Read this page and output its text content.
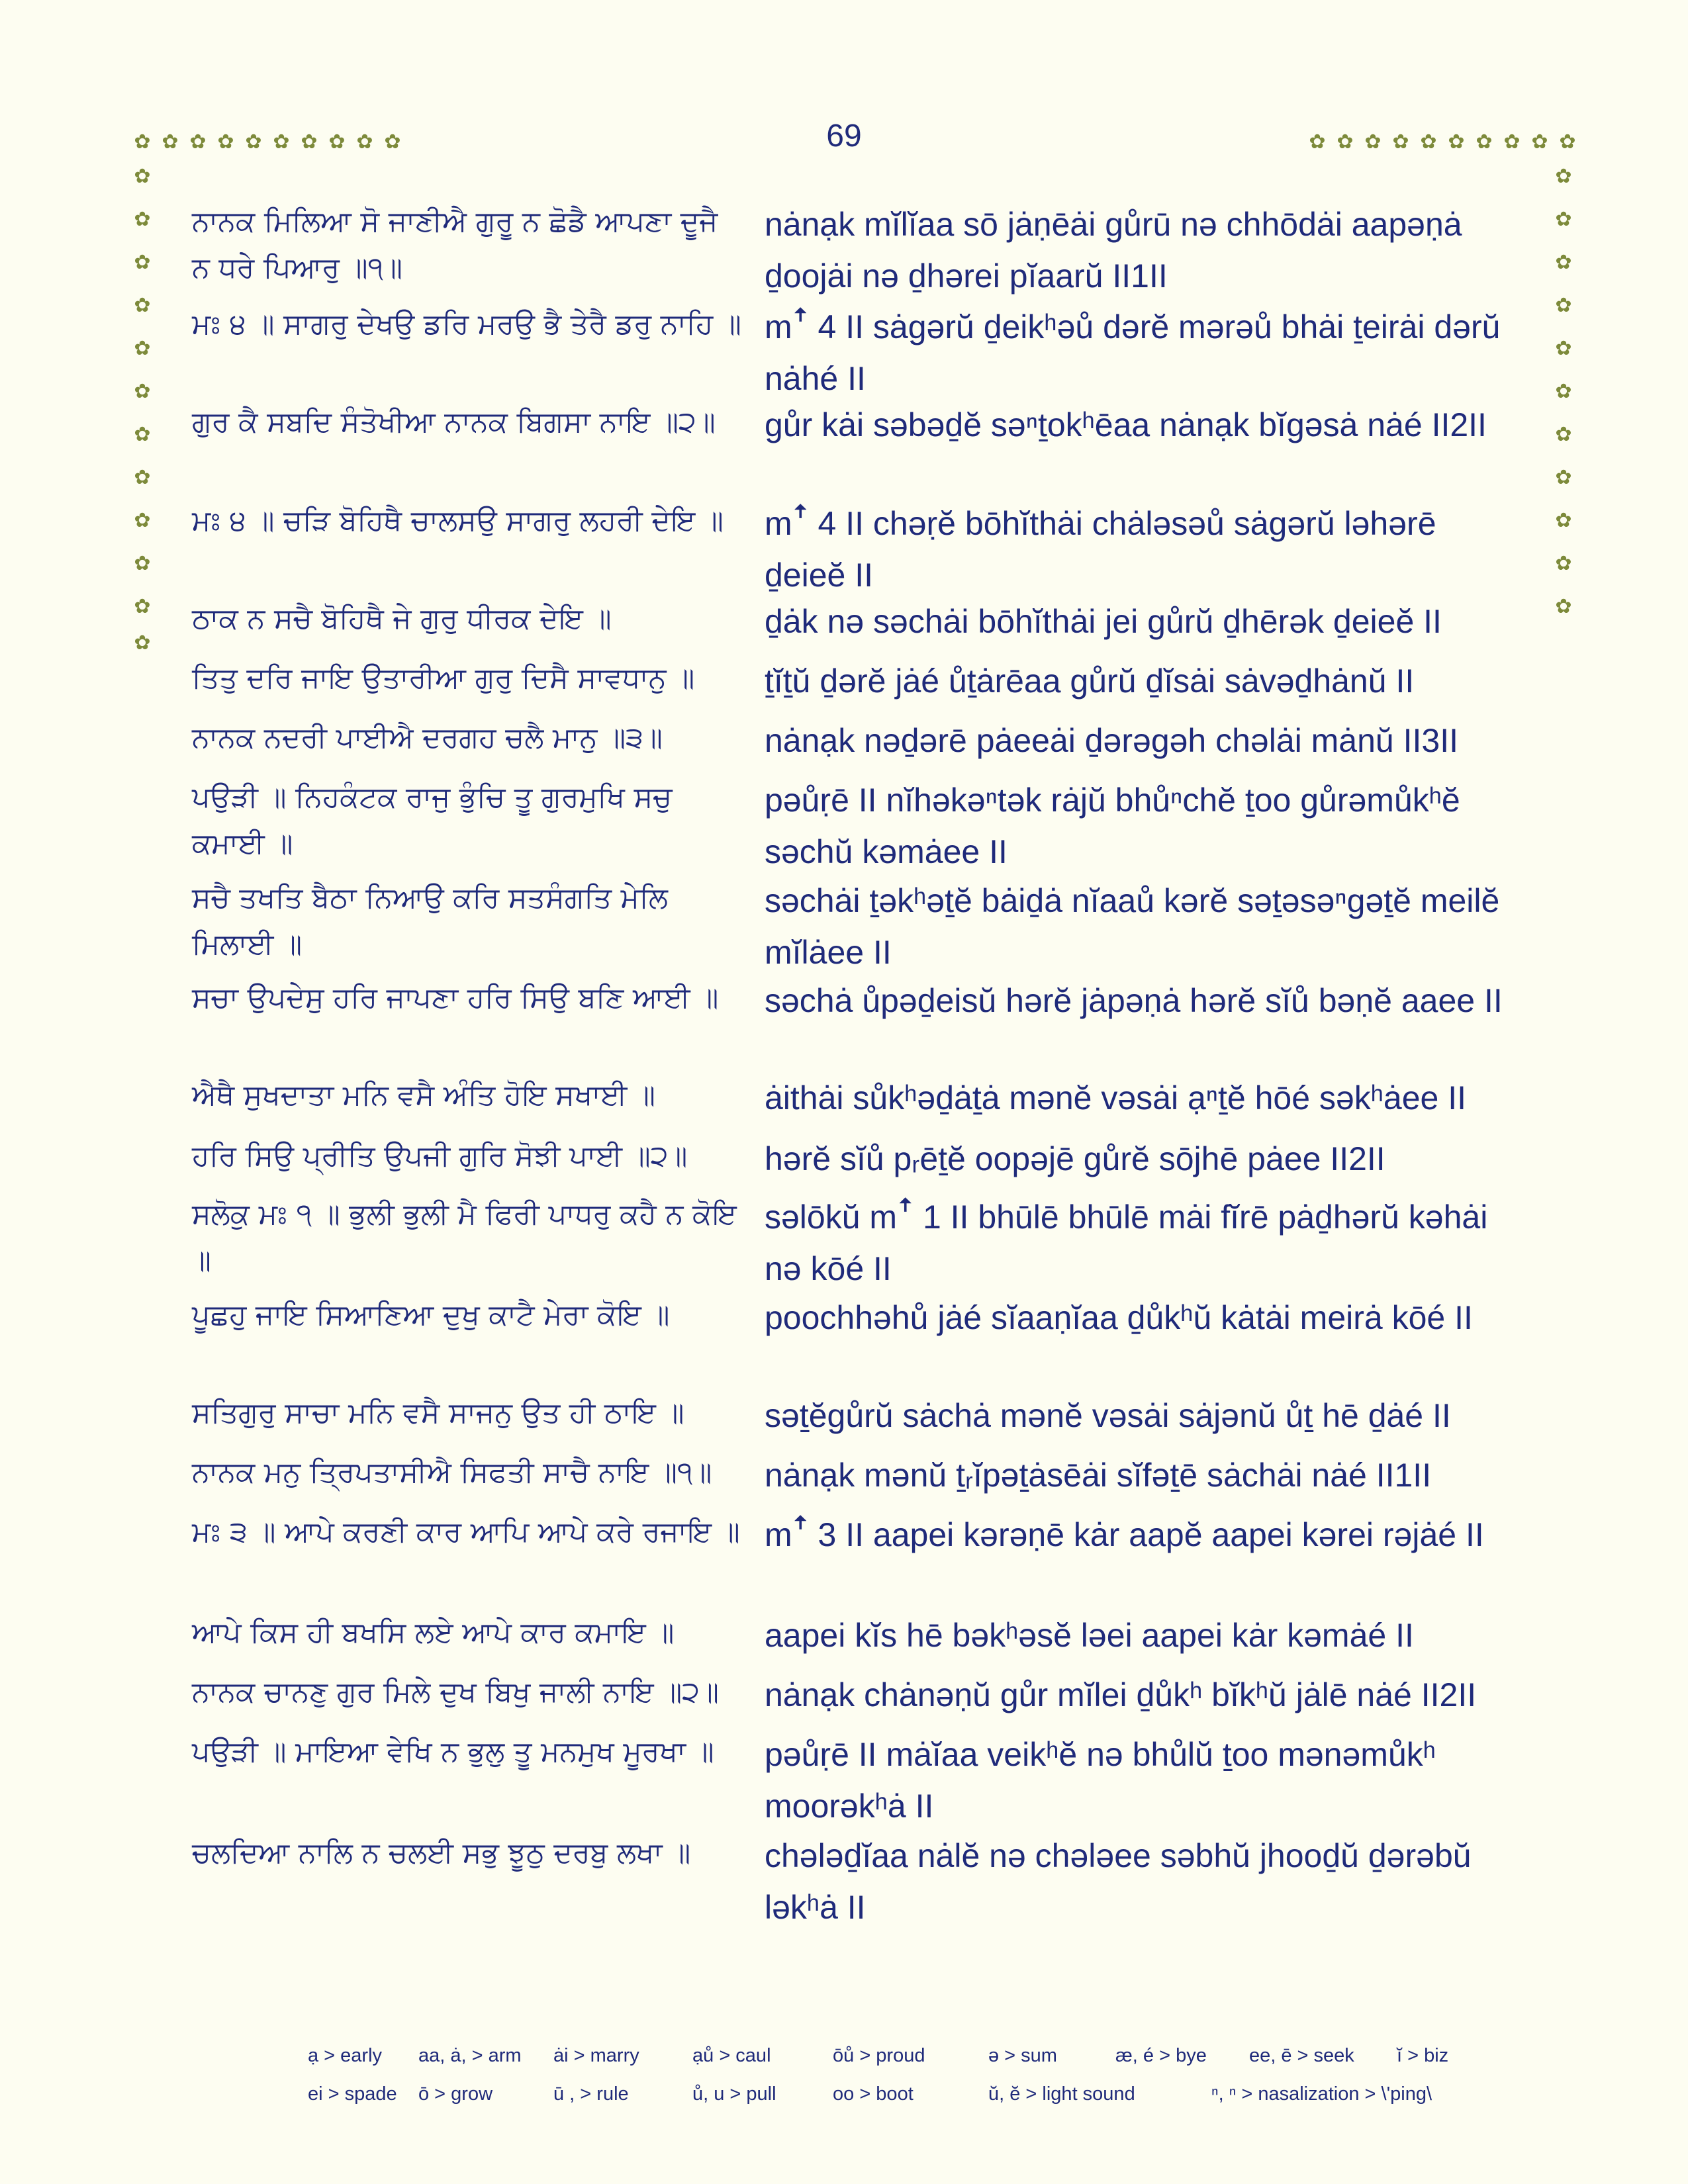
69
✿ ✿ ✿ ✿ ✿ ✿ ✿ ✿ ✿ ✿	✿ ✿ ✿ ✿ ✿ ✿ ✿ ✿ ✿ ✿
✿
✿
✿
✿
✿
✿
✿
✿
✿
✿
✿
✿
✿
✿
✿
✿
✿
✿
✿
✿
✿
✿
✿
ਨਾਨਕ ਮਿਲਿਆ ਸੋ ਜਾਣੀਐ ਗੁਰੂ ਨ ਛੋਡੈ ਆਪਣਾ ਦੂਜੈ ਨ ਧਰੇ ਪਿਆਰੁ ॥੧॥
nȧnạk mĭlĭaa sō jȧṇēȧi gůrū nə chhōdȧi aapəṇȧ ḏoojȧi nə ḏhərei pĭaarŭ II1II
ਮਃ ੪ ॥ ਸਾਗਰੁ ਦੇਖਉ ਡਰਿ ਮਰਉ ਭੈ ਤੇਰੈ ਡਰੁ ਨਾਹਿ ॥ mꜛ 4 II sȧgərŭ ḏeikʰəů dərĕ mərəů bhȧi ṯeirȧi dərŭ nȧhé II
ਗੁਰ ਕੈ ਸਬਦਿ ਸੰਤੋਖੀਆ ਨਾਨਕ ਬਿਗਸਾ ਨਾਇ ॥੨॥	gůr kȧi səbəḏĕ səⁿṯokʰēaa nȧnạk bĭgəsȧ nȧé II2II
ਮਃ ੪ ॥ ਚੜਿ ਬੋਹਿਥੈ ਚਾਲਸਉ ਸਾਗਰੁ ਲਹਰੀ ਦੇਇ ॥	mꜛ 4 II chəṛĕ bōhĭthȧi chȧləsəů sȧgərŭ ləhərē ḏeieĕ II
ਠਾਕ ਨ ਸਚੈ ਬੋਹਿਥੈ ਜੇ ਗੁਰੁ ਧੀਰਕ ਦੇਇ ॥	ḏȧk nə səchȧi bōhĭthȧi jei gůrŭ ḏhērək ḏeieĕ II
ਤਿਤੁ ਦਰਿ ਜਾਇ ਉਤਾਰੀਆ ਗੁਰੁ ਦਿਸੈ ਸਾਵਧਾਨੁ ॥	ṯĭṯŭ ḏərĕ jȧé ůṯȧrēaa gůrŭ ḏĭsȧi sȧvəḏhȧnŭ II
ਨਾਨਕ ਨਦਰੀ ਪਾਈਐ ਦਰਗਹ ਚਲੈ ਮਾਨੁ ॥੩॥	nȧnạk nəḏərē pȧeeȧi ḏərəgəh chəlȧi mȧnŭ II3II
ਪਉੜੀ ॥ ਨਿਹਕੰਟਕ ਰਾਜੁ ਭੁੰਚਿ ਤੂ ਗੁਰਮੁਖਿ ਸਚੁ ਕਮਾਈ ॥
pəůṛē II nĭhəkəⁿtək rȧjŭ bhůⁿchĕ ṯoo gůrəmůkʰĕ səchŭ kəmȧee II
ਸਚੈ ਤਖਤਿ ਬੈਠਾ ਨਿਆਉ ਕਰਿ ਸਤਸੰਗਤਿ ਮੇਲਿ ਮਿਲਾਈ ॥
səchȧi ṯəkʰəṯĕ bȧiḏȧ nĭaaů kərĕ səṯəsəⁿgəṯĕ meilĕ mĭlȧee II
ਸਚਾ ਉਪਦੇਸੁ ਹਰਿ ਜਾਪਣਾ ਹਰਿ ਸਿਉ ਬਣਿ ਆਈ ॥	səchȧ ůpəḏeisŭ hərĕ jȧpəṇȧ hərĕ sĭů bəṇĕ aaee II
ਐਥੈ ਸੁਖਦਾਤਾ ਮਨਿ ਵਸੈ ਅੰਤਿ ਹੋਇ ਸਖਾਈ ॥	ȧithȧi sůkʰəḏȧṯȧ mənĕ vəsȧi ạⁿṯĕ hōé səkʰȧee II
ਹਰਿ ਸਿਉ ਪ੍ਰੀਤਿ ਉਪਜੀ ਗੁਰਿ ਸੋਝੀ ਪਾਈ ॥੨॥	hərĕ sĭů pᵣēṯĕ oopəjē gůrĕ sōjhē pȧee II2II
ਸਲੋਕੁ ਮਃ ੧ ॥ ਭੁਲੀ ਭੁਲੀ ਮੈ ਫਿਰੀ ਪਾਧਰੁ ਕਹੈ ਨ ਕੋਇ ॥
səlōkŭ mꜛ 1 II bhūlē bhūlē mȧi fĭrē pȧḏhərŭ kəhȧi nə kōé II
ਪੂਛਹੁ ਜਾਇ ਸਿਆਣਿਆ ਦੁਖੁ ਕਾਟੈ ਮੇਰਾ ਕੋਇ ॥	poochhəhů jȧé sĭaaṇĭaa ḏůkʰŭ kȧtȧi meirȧ kōé II
ਸਤਿਗੁਰੁ ਸਾਚਾ ਮਨਿ ਵਸੈ ਸਾਜਨੁ ਉਤ ਹੀ ਠਾਇ ॥	səṯĕgůrŭ sȧchȧ mənĕ vəsȧi sȧjənŭ ůṯ hē ḏȧé II
ਨਾਨਕ ਮਨੁ ਤ੍ਰਿਪਤਾਸੀਐ ਸਿਫਤੀ ਸਾਚੈ ਨਾਇ ॥੧॥	nȧnạk mənŭ ṯᵣĭpəṯȧsēȧi sĭfəṯē sȧchȧi nȧé II1II
ਮਃ ੩ ॥ ਆਪੇ ਕਰਣੀ ਕਾਰ ਆਪਿ ਆਪੇ ਕਰੇ ਰਜਾਇ ॥ mꜛ 3 II aapei kərəṇē kȧr aapĕ aapei kərei rəjȧé II
ਆਪੇ ਕਿਸ ਹੀ ਬਖਸਿ ਲਏ ਆਪੇ ਕਾਰ ਕਮਾਇ ॥	aapei kĭs hē bəkʰəsĕ ləei aapei kȧr kəmȧé II
ਨਾਨਕ ਚਾਨਣੁ ਗੁਰ ਮਿਲੇ ਦੁਖ ਬਿਖੁ ਜਾਲੀ ਨਾਇ ॥੨॥	nȧnạk chȧnəṇŭ gůr mĭlei ḏůkʰ bĭkʰŭ jȧlē nȧé II2II
ਪਉੜੀ ॥ ਮਾਇਆ ਵੇਖਿ ਨ ਭੁਲੁ ਤੂ ਮਨਮੁਖ ਮੂਰਖਾ ॥	pəůṛē II mȧĭaa veikʰĕ nə bhůlŭ ṯoo mənəmůkʰ moorəkʰȧ II
ਚਲਦਿਆ ਨਾਲਿ ਨ ਚਲਈ ਸਭੁ ਝੂਠੁ ਦਰਬੁ ਲਖਾ ॥	chələḏĭaa nȧlĕ nə chələee səbhŭ jhooḏŭ ḏərəbŭ ləkʰȧ II
ạ > early aa, ȧ, > arm ȧi > marry	ạů > caul	ōů > proud	ə > sum	æ, é > bye ee, ē > seek ĭ > biz
ei > spade ō > grow	ū , > rule	ů, u > pull	oo > boot	ŭ, ĕ > light sound	ⁿ, ⁿ > nasalization > \'ping\
